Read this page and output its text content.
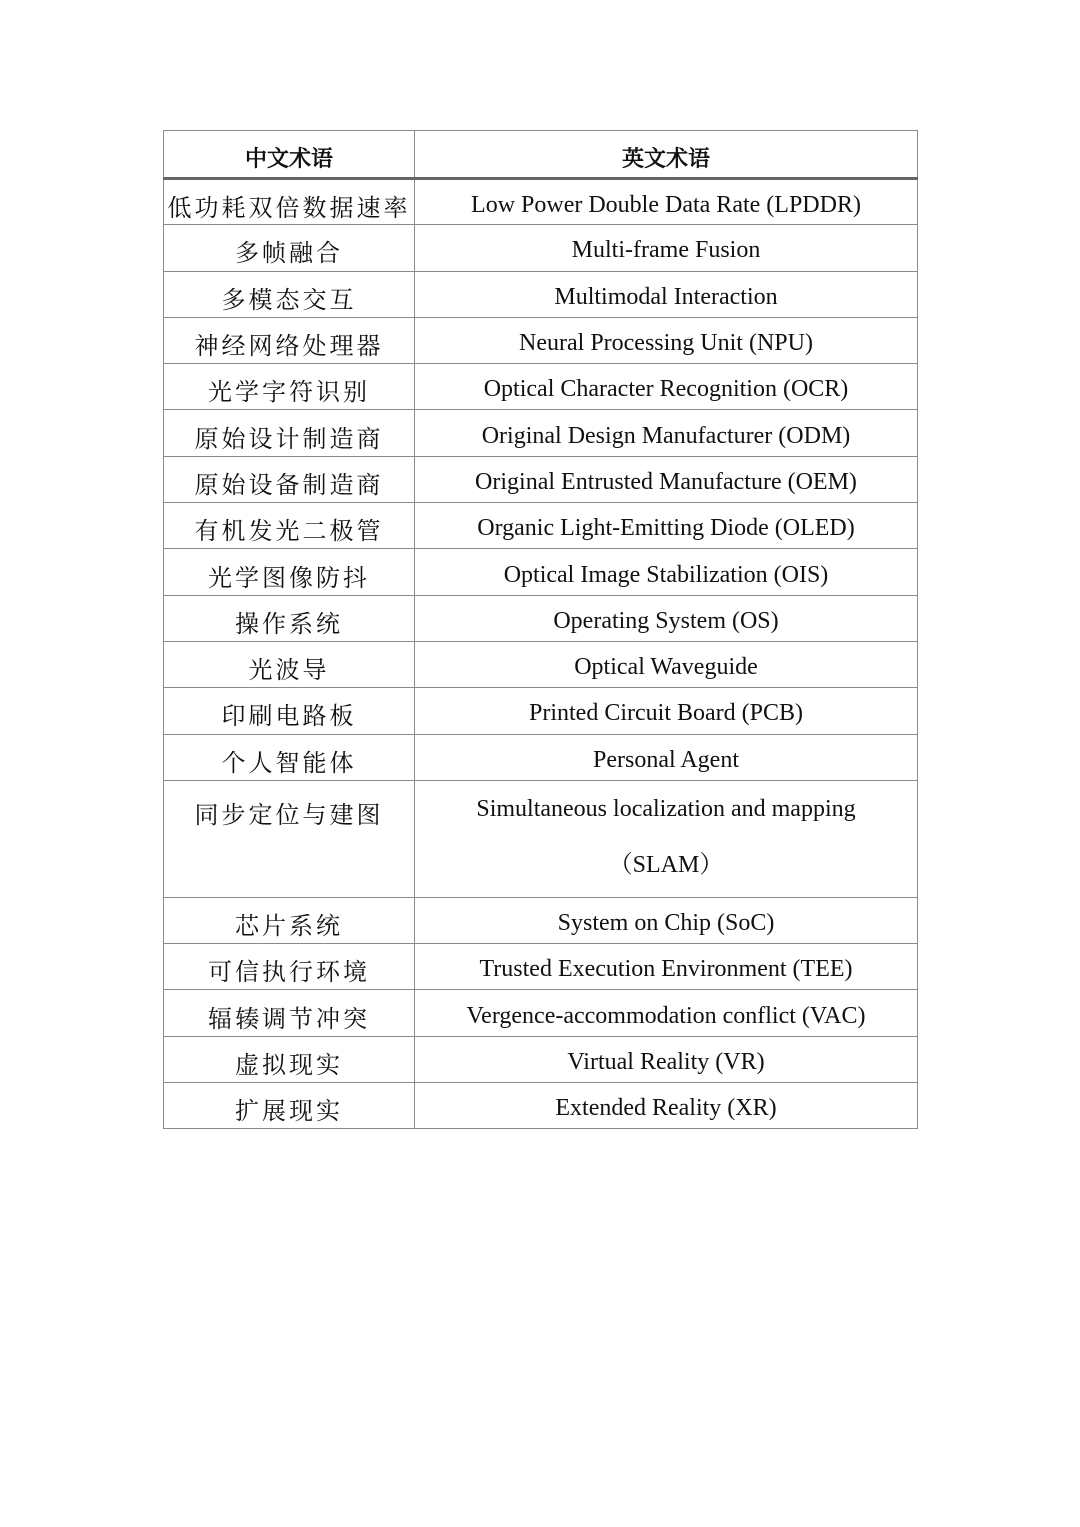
中文术语	英文术语
低功耗双倍数据速率	Low Power Double Data Rate (LPDDR)
多帧融合	Multi-frame Fusion
多模态交互	Multimodal Interaction
神经网络处理器	Neural Processing Unit (NPU)
光学字符识别	Optical Character Recognition (OCR)
原始设计制造商	Original Design Manufacturer (ODM)
原始设备制造商	Original Entrusted Manufacture (OEM)
有机发光二极管	Organic Light-Emitting Diode (OLED)
光学图像防抖	Optical Image Stabilization (OIS)
操作系统	Operating System (OS)
光波导	Optical Waveguide
印刷电路板	Printed Circuit Board (PCB)
个人智能体	Personal Agent
同步定位与建图	Simultaneous localization and mapping
（SLAM）

芯片系统	System on Chip (SoC)
可信执行环境	Trusted Execution Environment (TEE)
辐辏调节冲突	Vergence-accommodation conflict (VAC)
虚拟现实	Virtual Reality (VR)
扩展现实	Extended Reality (XR)
